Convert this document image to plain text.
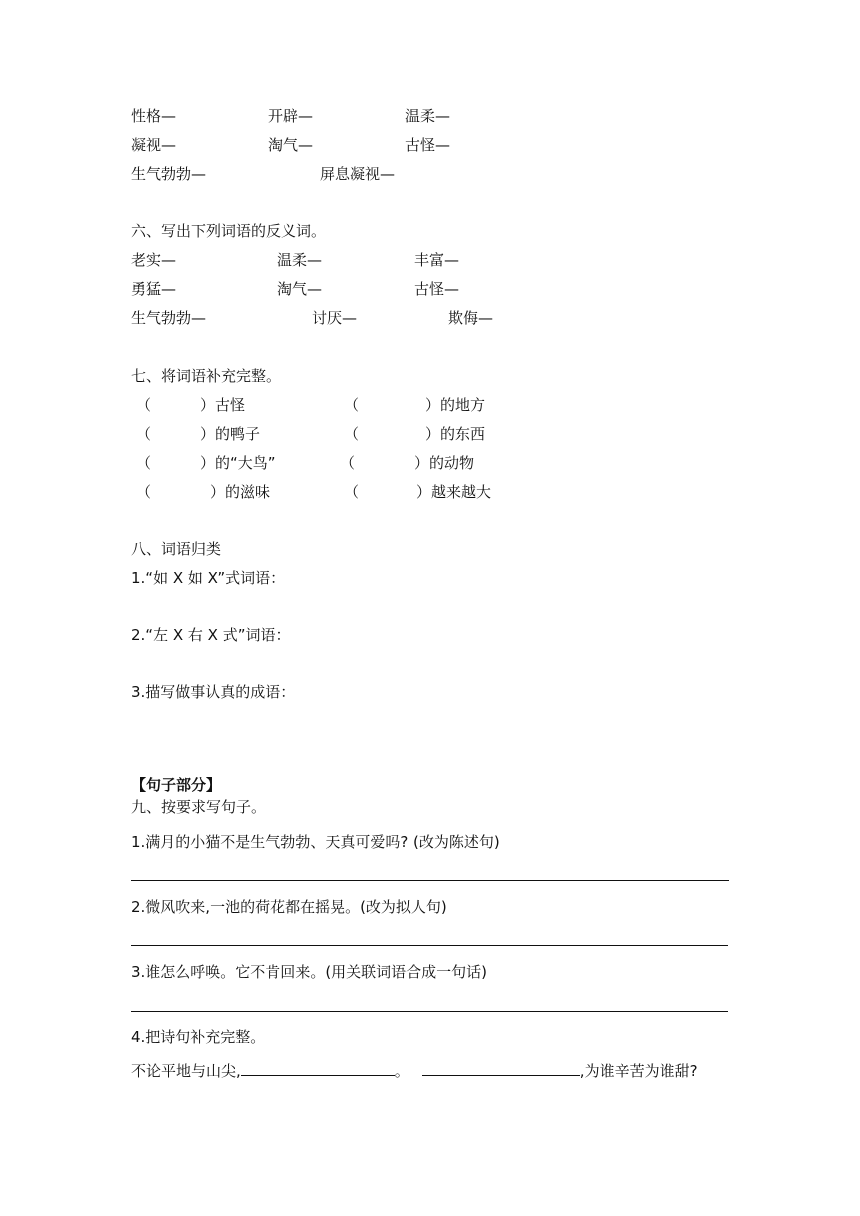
性格—	开辟—	温柔—
凝视—	淘气—	古怪—
生气勃勃—	屏息凝视—
六、写出下列词语的反义词。
老实—	温柔—	丰富—
勇猛—	淘气—	古怪—
生气勃勃—	讨厌—	欺侮—
七、将词语补充完整。
（	）古怪	（	）的地方
（	）的鸭子	（	）的东西
（	）的“大鸟”	（	）的动物
（	）的滋味	（	）越来越大
八、词语归类
1.“如 X 如 X”式词语：
2.“左 X 右 X 式”词语：
3.描写做事认真的成语：
【句子部分】
九、按要求写句子。
1.满月的小猫不是生气勃勃、天真可爱吗? (改为陈述句)
2.微风吹来,一池的荷花都在摇晃。(改为拟人句)
3.谁怎么呼唤。它不肯回来。(用关联词语合成一句话)
4.把诗句补充完整。
不论平地与山尖,	。	,为谁辛苦为谁甜?
